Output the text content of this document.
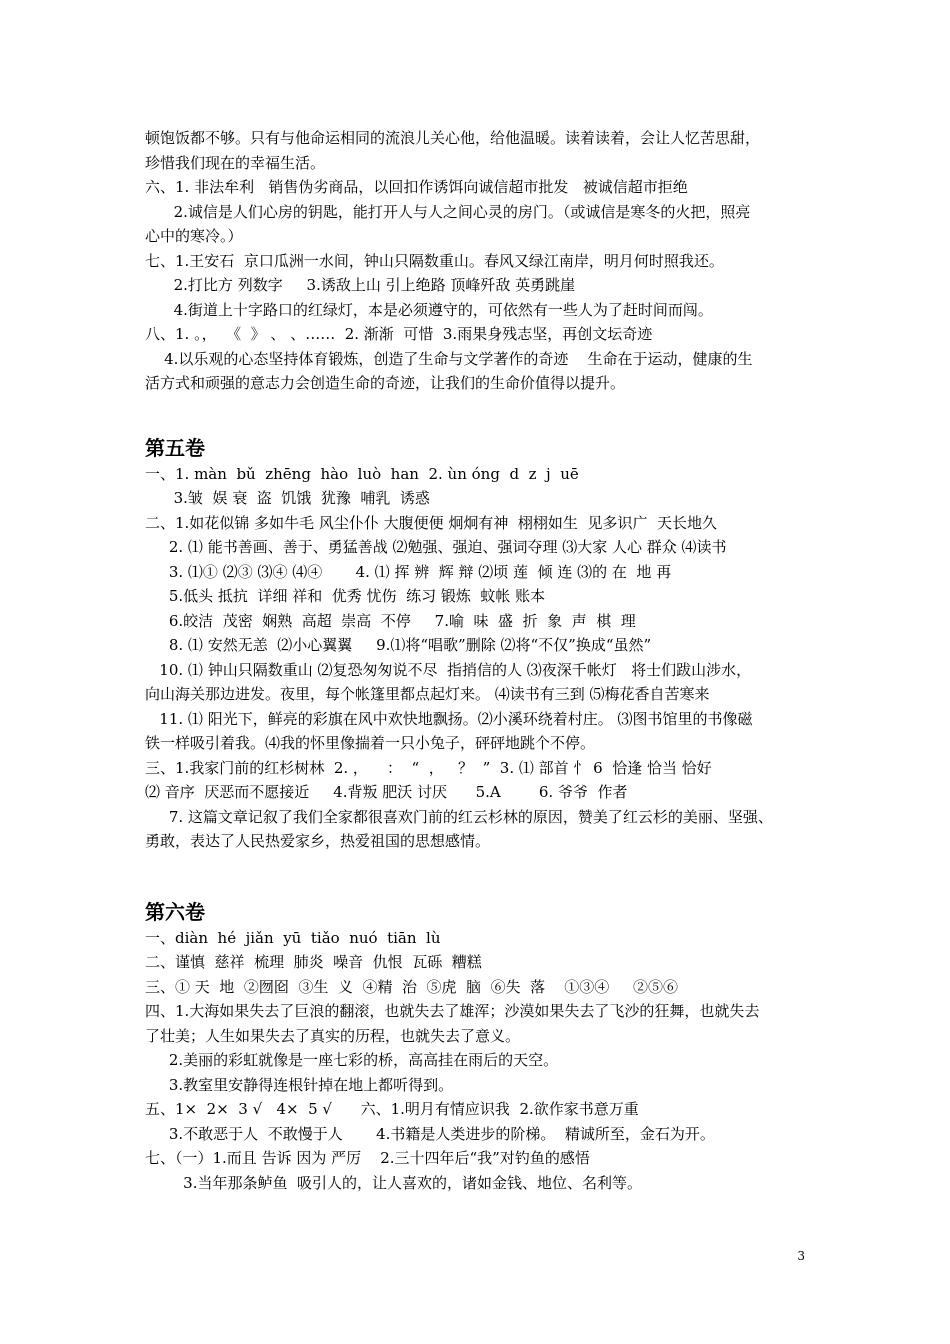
顿饱饭都不够。只有与他命运相同的流浪儿关心他，给他温暖。读着读着，会让人忆苦思甜，
珍惜我们现在的幸福生活。
六、1. 非法牟利   销售伪劣商品，以回扣作诱饵向诚信超市批发   被诚信超市拒绝
2.诚信是人们心房的钥匙，能打开人与人之间心灵的房门。（或诚信是寒冬的火把，照亮
心中的寒冷。）
七、1.王安石  京口瓜洲一水间，钟山只隔数重山。春风又绿江南岸，明月何时照我还。
2.打比方 列数字     3.诱敌上山 引上绝路 顶峰歼敌 英勇跳崖
4.街道上十字路口的红绿灯，本是必须遵守的，可依然有一些人为了赶时间而闯。
八、1. 。，  《  》 、 、……  2. 渐渐  可惜  3.雨果身残志坚，再创文坛奇迹
4.以乐观的心态坚持体育锻炼，创造了生命与文学著作的奇迹    生命在于运动，健康的生
活方式和顽强的意志力会创造生命的奇迹，让我们的生命价值得以提升。
第五卷
一、1. màn  bǔ  zhēng  hào  luò  han  2. ùn óng  d  z  j  uē
3.皱  娱 衰  盗  饥饿  犹豫  哺乳  诱惑
二、1.如花似锦 多如牛毛 风尘仆仆 大腹便便 炯炯有神  栩栩如生  见多识广  天长地久
2. ⑴ 能书善画、善于、勇猛善战 ⑵勉强、强迫、强词夺理 ⑶大家 人心 群众 ⑷读书
3. ⑴① ⑵③ ⑶④ ⑷④       4. ⑴ 挥 辨  辉 辩 ⑵顷 莲  倾 连 ⑶的 在  地 再
5.低头 抵抗  详细 祥和  优秀 忧伤  练习 锻炼  蚊帐 账本
6.皎洁  茂密  娴熟  高超  崇高  不停     7.喻  味  盛  折  象  声  棋  理
8. ⑴ 安然无恙  ⑵小心翼翼     9.⑴将“唱歌”删除 ⑵将“不仅”换成“虽然”
10. ⑴ 钟山只隔数重山 ⑵复恐匆匆说不尽  指捎信的人 ⑶夜深千帐灯   将士们跋山涉水，
向山海关那边进发。夜里，每个帐篷里都点起灯来。 ⑷读书有三到 ⑸梅花香自苦寒来
11. ⑴ 阳光下，鲜亮的彩旗在风中欢快地飘扬。⑵小溪环绕着村庄。 ⑶图书馆里的书像磁
铁一样吸引着我。⑷我的怀里像揣着一只小兔子，砰砰地跳个不停。
三、1.我家门前的红杉树林  2. ，    ：  “  ，   ？  ”  3. ⑴ 部首 忄 6  恰逢 恰当 恰好
⑵ 音序  厌恶而不愿接近     4.背叛 肥沃 讨厌      5.A        6. 爷爷  作者
7. 这篇文章记叙了我们全家都很喜欢门前的红云杉林的原因，赞美了红云杉的美丽、坚强、
勇敢，表达了人民热爱家乡，热爱祖国的思想感情。
第六卷
一、diàn  hé  jiǎn  yū  tiǎo  nuó  tiān  lù
二、谨慎  慈祥  梳理  肺炎  噪音  仇恨  瓦砾  糟糕
三、① 天  地  ②囫囵  ③生  义  ④精  治  ⑤虎  脑  ⑥失  落    ①③④     ②⑤⑥
四、1.大海如果失去了巨浪的翻滚，也就失去了雄浑；沙漠如果失去了飞沙的狂舞，也就失去
了壮美；人生如果失去了真实的历程，也就失去了意义。
2.美丽的彩虹就像是一座七彩的桥，高高挂在雨后的天空。
3.教室里安静得连根针掉在地上都听得到。
五、1×  2×  3 √   4×  5 √      六、1.明月有情应识我  2.欲作家书意万重
3.不敢恶于人  不敢慢于人       4.书籍是人类进步的阶梯。  精诚所至，金石为开。
七、（一）1.而且 告诉 因为 严厉    2.三十四年后“我”对钓鱼的感悟
3.当年那条鲈鱼  吸引人的，让人喜欢的，诸如金钱、地位、名利等。
3
